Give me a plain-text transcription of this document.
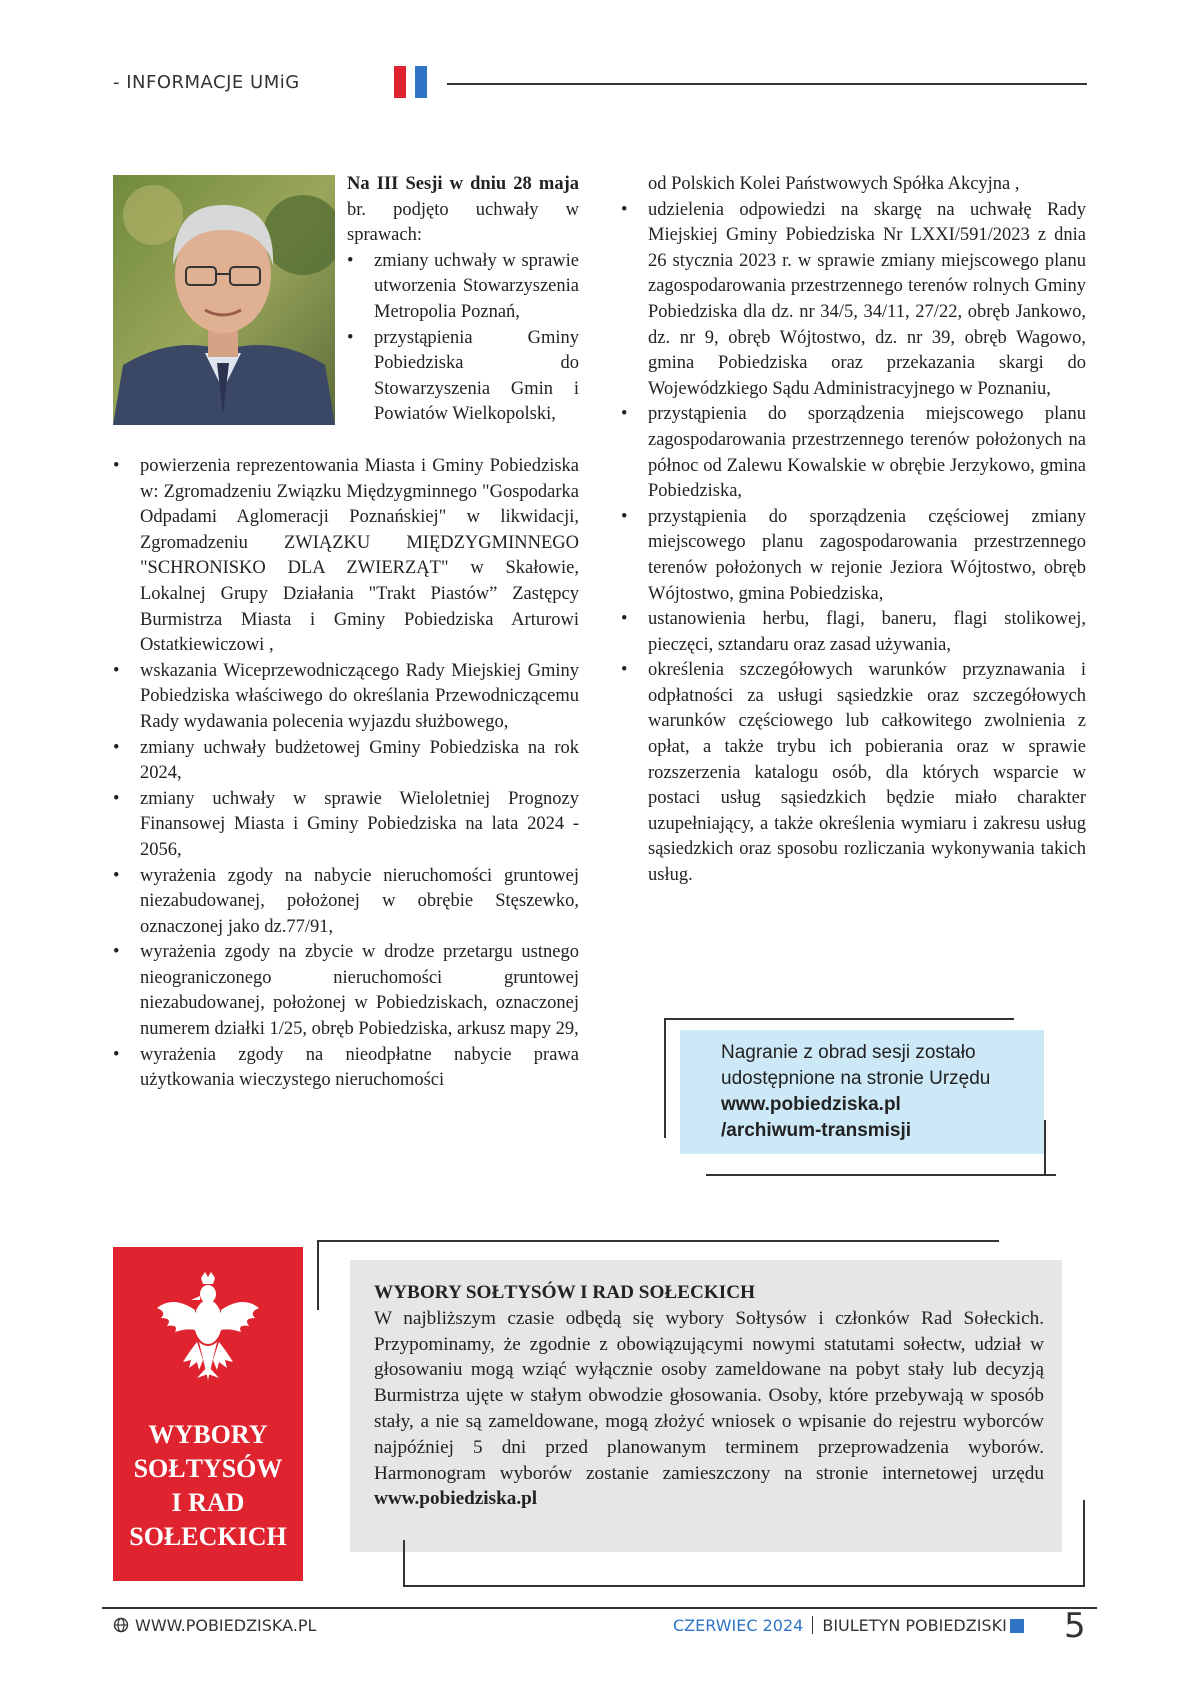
- INFORMACJE UMiG

Na III Sesji w dniu 28 maja br. podjęto uchwały w sprawach:

• zmiany uchwały w sprawie utworzenia Stowarzyszenia Metropolia Poznań,
• przystąpienia Gminy Pobiedziska do Stowarzyszenia Gmin i Powiatów Wielkopolski,
• powierzenia reprezentowania Miasta i Gminy Pobiedziska w: Zgromadzeniu Związku Międzygminnego "Gospodarka Odpadami Aglomeracji Poznańskiej" w likwidacji, Zgromadzeniu ZWIĄZKU MIĘDZYGMINNEGO "SCHRONISKO DLA ZWIERZĄT" w Skałowie, Lokalnej Grupy Działania "Trakt Piastów” Zastępcy Burmistrza Miasta i Gminy Pobiedziska Arturowi Ostatkiewiczowi ,
• wskazania Wiceprzewodniczącego Rady Miejskiej Gminy Pobiedziska właściwego do określania Przewodniczącemu Rady wydawania polecenia wyjazdu służbowego,
• zmiany uchwały budżetowej Gminy Pobiedziska na rok 2024,
• zmiany uchwały w sprawie Wieloletniej Prognozy Finansowej Miasta i Gminy Pobiedziska na lata 2024 - 2056,
• wyrażenia zgody na nabycie nieruchomości gruntowej niezabudowanej, położonej w obrębie Stęszewko, oznaczonej jako dz.77/91,
• wyrażenia zgody na zbycie w drodze przetargu ustnego nieograniczonego nieruchomości gruntowej niezabudowanej, położonej w Pobiedziskach, oznaczonej numerem działki 1/25, obręb Pobiedziska, arkusz mapy 29,
• wyrażenia zgody na nieodpłatne nabycie prawa użytkowania wieczystego nieruchomości

od Polskich Kolei Państwowych Spółka Akcyjna ,

• udzielenia odpowiedzi na skargę na uchwałę Rady Miejskiej Gminy Pobiedziska Nr LXXI/591/2023 z dnia 26 stycznia 2023 r. w sprawie zmiany miejscowego planu zagospodarowania przestrzennego terenów rolnych Gminy Pobiedziska dla dz. nr 34/5, 34/11, 27/22, obręb Jankowo, dz. nr 9, obręb Wójtostwo, dz. nr 39, obręb Wagowo, gmina Pobiedziska oraz przekazania skargi do Wojewódzkiego Sądu Administracyjnego w Poznaniu,
• przystąpienia do sporządzenia miejscowego planu zagospodarowania przestrzennego terenów położonych na północ od Zalewu Kowalskie w obrębie Jerzykowo, gmina Pobiedziska,
• przystąpienia do sporządzenia częściowej zmiany miejscowego planu zagospodarowania przestrzennego terenów położonych w rejonie Jeziora Wójtostwo, obręb Wójtostwo, gmina Pobiedziska,
• ustanowienia herbu, flagi, baneru, flagi stolikowej, pieczęci, sztandaru oraz zasad używania,
• określenia szczegółowych warunków przyznawania i odpłatności za usługi sąsiedzkie oraz szczegółowych warunków częściowego lub całkowitego zwolnienia z opłat, a także trybu ich pobierania oraz w sprawie rozszerzenia katalogu osób, dla których wsparcie w postaci usług sąsiedzkich będzie miało charakter uzupełniający, a także określenia wymiaru i zakresu usług sąsiedzkich oraz sposobu rozliczania wykonywania takich usług.
Nagranie z obrad sesji zostało udostępnione na stronie Urzędu
www.pobiedziska.pl
/archiwum-transmisji
WYBORY
SOŁTYSÓW
I RAD
SOŁECKICH
WYBORY SOŁTYSÓW I RAD SOŁECKICH
W najbliższym czasie odbędą się wybory Sołtysów i członków Rad Sołeckich. Przypominamy, że zgodnie z obowiązującymi nowymi statutami sołectw, udział w głosowaniu mogą wziąć wyłącznie osoby zameldowane na pobyt stały lub decyzją Burmistrza ujęte w stałym obwodzie głosowania. Osoby, które przebywają w sposób stały, a nie są zameldowane, mogą złożyć wniosek o wpisanie do rejestru wyborców najpóźniej 5 dni przed planowanym terminem przeprowadzenia wyborów. Harmonogram wyborów zostanie zamieszczony na stronie internetowej urzędu www.pobiedziska.pl
WWW.POBIEDZISKA.PL	CZERWIEC 2024 BIULETYN POBIEDZISKI 5
